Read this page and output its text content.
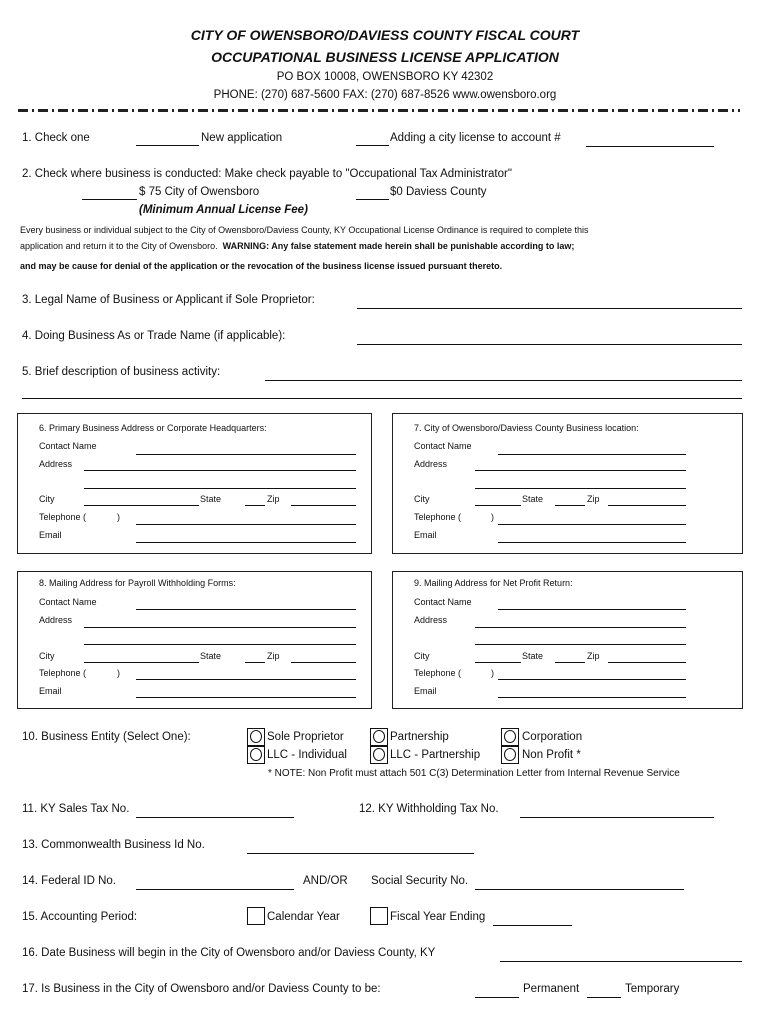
CITY OF OWENSBORO/DAVIESS COUNTY FISCAL COURT
OCCUPATIONAL BUSINESS LICENSE APPLICATION
PO BOX 10008, OWENSBORO KY 42302
PHONE: (270) 687-5600 FAX: (270) 687-8526 www.owensboro.org
1. Check one	New application	Adding a city license to account #
2. Check where business is conducted: Make check payable to "Occupational Tax Administrator"
$ 75 City of Owensboro	$0 Daviess County
(Minimum Annual License Fee)
Every business or individual subject to the City of Owensboro/Daviess County, KY Occupational License Ordinance is required to complete this
application and return it to the City of Owensboro. WARNING: Any false statement made herein shall be punishable according to law;
and may be cause for denial of the application or the revocation of the business license issued pursuant thereto.
3. Legal Name of Business or Applicant if Sole Proprietor:
4. Doing Business As or Trade Name (if applicable):
5. Brief description of business activity:
6. Primary Business Address or Corporate Headquarters:
Contact Name
Address
City	State	Zip
Telephone (	)
Email
7. City of Owensboro/Daviess County Business location:
Contact Name
Address
City	State	Zip
Telephone (	)
Email
8. Mailing Address for Payroll Withholding Forms:
Contact Name
Address
City	State	Zip
Telephone (	)
Email
9. Mailing Address for Net Profit Return:
Contact Name
Address
City	State	Zip
Telephone (	)
Email
10. Business Entity (Select One):	Sole Proprietor	Partnership	Corporation
LLC - Individual	LLC - Partnership	Non Profit *
* NOTE: Non Profit must attach 501 C(3) Determination Letter from Internal Revenue Service
11. KY Sales Tax No.	12. KY Withholding Tax No.
13. Commonwealth Business Id No.
14. Federal ID No.	AND/OR Social Security No.
15. Accounting Period:	Calendar Year	Fiscal Year Ending
16. Date Business will begin in the City of Owensboro and/or Daviess County, KY
17. Is Business in the City of Owensboro and/or Daviess County to be:	Permanent	Temporary
